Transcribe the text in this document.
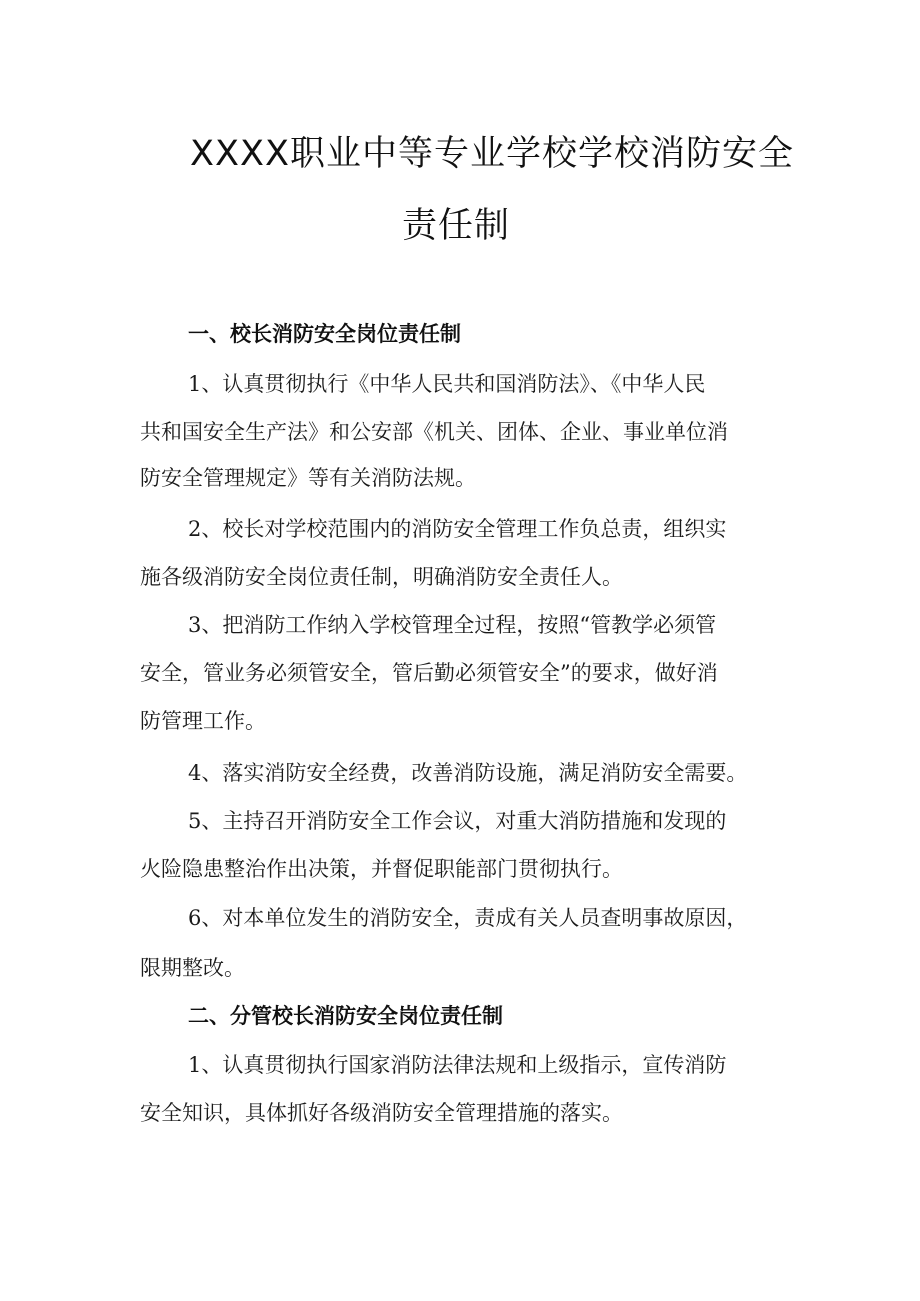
XXXX职业中等专业学校学校消防安全
责任制
一、校长消防安全岗位责任制
1、认真贯彻执行《中华人民共和国消防法》、《中华人民
共和国安全生产法》和公安部《机关、团体、企业、事业单位消
防安全管理规定》等有关消防法规。
2、校长对学校范围内的消防安全管理工作负总责，组织实
施各级消防安全岗位责任制，明确消防安全责任人。
3、把消防工作纳入学校管理全过程，按照“管教学必须管
安全，管业务必须管安全，管后勤必须管安全”的要求，做好消
防管理工作。
4、落实消防安全经费，改善消防设施，满足消防安全需要。
5、主持召开消防安全工作会议，对重大消防措施和发现的
火险隐患整治作出决策，并督促职能部门贯彻执行。
6、对本单位发生的消防安全，责成有关人员查明事故原因，
限期整改。
二、分管校长消防安全岗位责任制
1、认真贯彻执行国家消防法律法规和上级指示，宣传消防
安全知识，具体抓好各级消防安全管理措施的落实。
